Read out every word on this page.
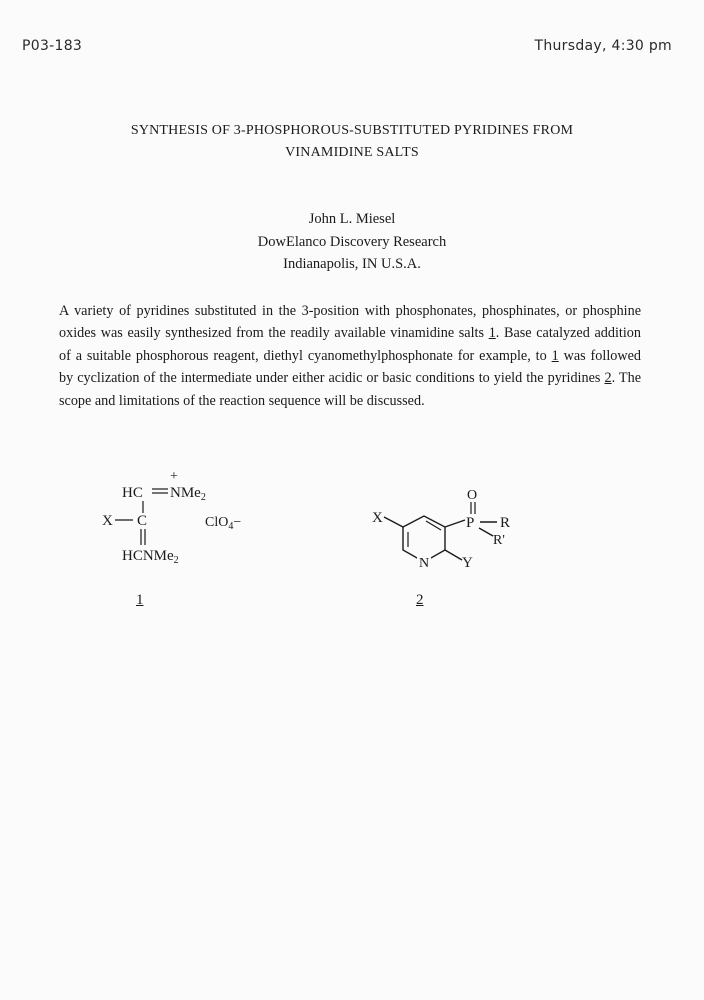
P03-183	Thursday, 4:30 pm
SYNTHESIS OF 3-PHOSPHOROUS-SUBSTITUTED PYRIDINES FROM
VINAMIDINE SALTS
John L. Miesel
DowElanco Discovery Research
Indianapolis, IN U.S.A.
A variety of pyridines substituted in the 3-position with phosphonates, phosphinates, or phosphine oxides was easily synthesized from the readily available vinamidine salts 1. Base catalyzed addition of a suitable phosphorous reagent, diethyl cyanomethylphosphonate for example, to 1 was followed by cyclization of the intermediate under either acidic or basic conditions to yield the pyridines 2. The scope and limitations of the reaction sequence will be discussed.
+
HC NMe$_2$
X C
HCNMe$_2$
ClO$_4$−	X
N Y
P
O
R
R'
1	2
